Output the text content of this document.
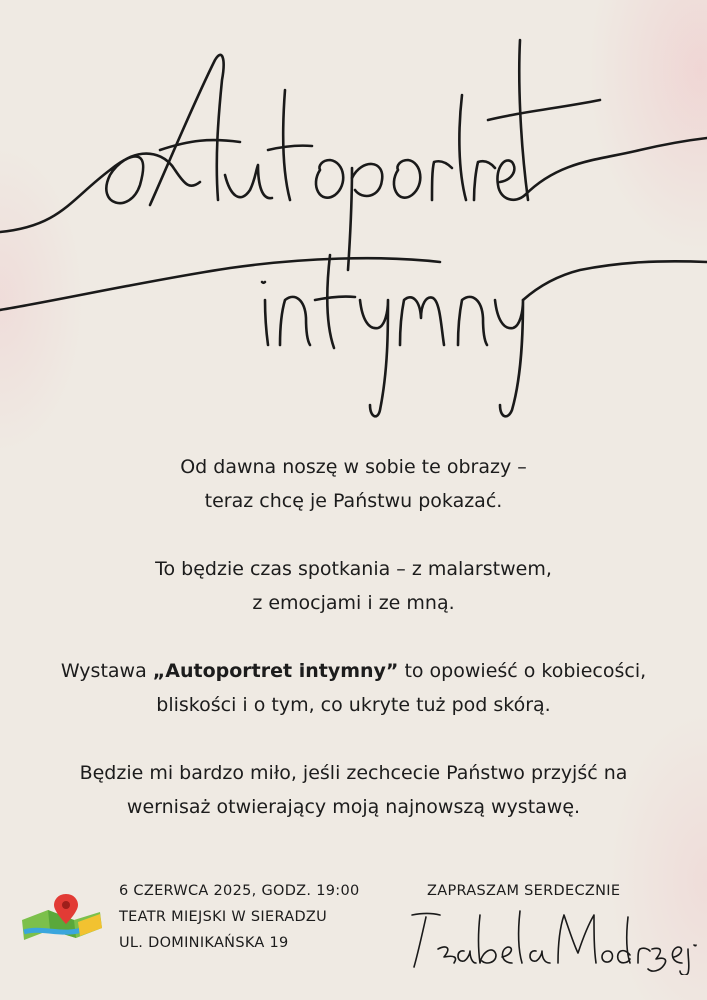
Od dawna noszę w sobie te obrazy –
teraz chcę je Państwu pokazać.

To będzie czas spotkania – z malarstwem,
z emocjami i ze mną.

Wystawa „Autoportret intymny” to opowieść o kobiecości,
bliskości i o tym, co ukryte tuż pod skórą.

Będzie mi bardzo miło, jeśli zechcecie Państwo przyjść na
wernisaż otwierający moją najnowszą wystawę.

6 CZERWCA 2025, GODZ. 19:00
TEATR MIEJSKI W SIERADZU
UL. DOMINIKAŃSKA 19
ZAPRASZAM SERDECZNIE
